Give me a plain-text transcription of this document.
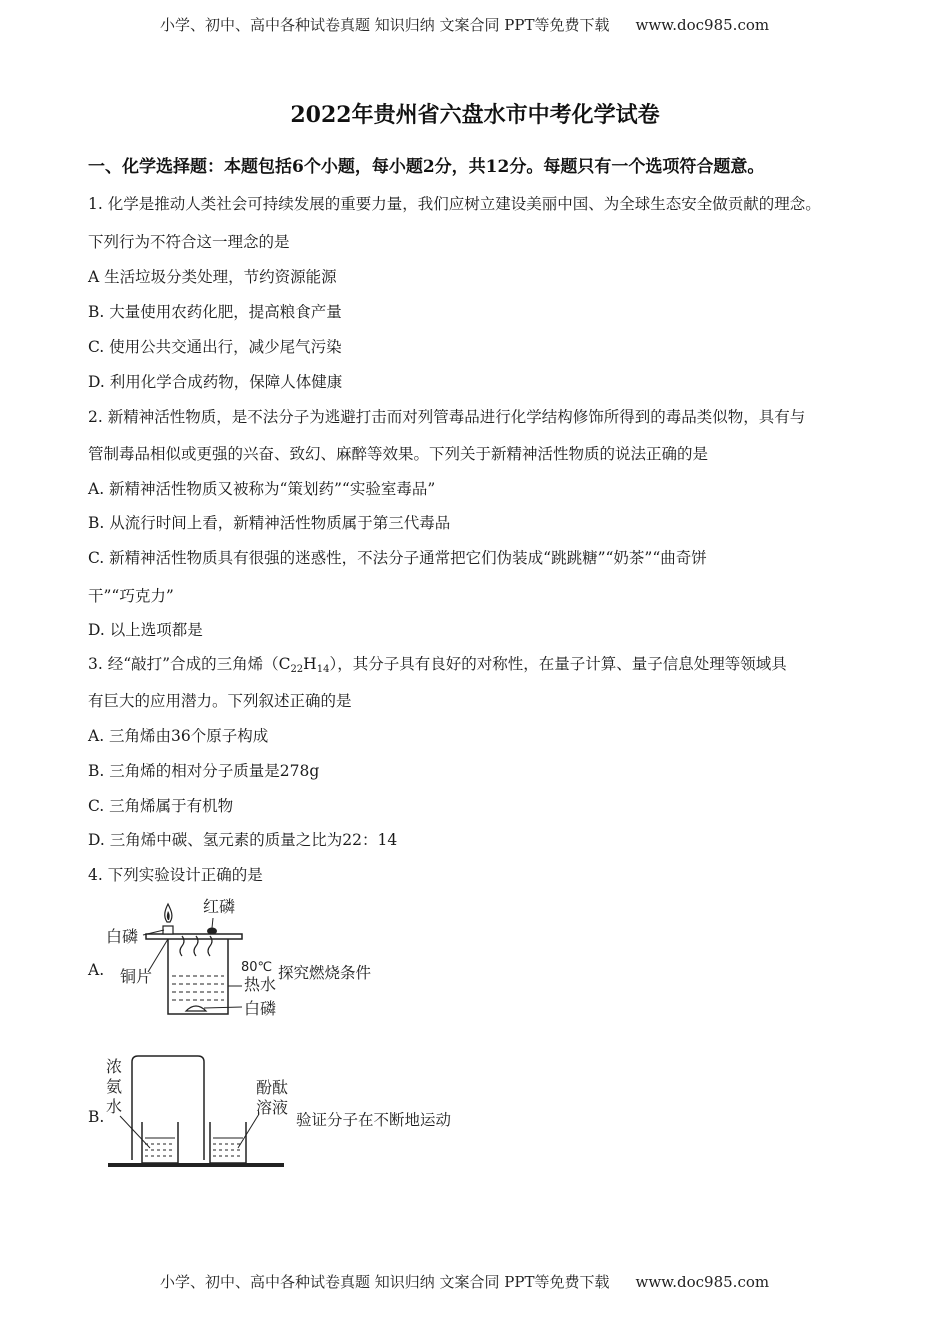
小学、初中、高中各种试卷真题 知识归纳 文案合同 PPT等免费下载 www.doc985.com
2022年贵州省六盘水市中考化学试卷
一、化学选择题：本题包括6个小题，每小题2分，共12分。每题只有一个选项符合题意。
1. 化学是推动人类社会可持续发展的重要力量，我们应树立建设美丽中国、为全球生态安全做贡献的理念。
下列行为不符合这一理念的是
A 生活垃圾分类处理，节约资源能源
B. 大量使用农药化肥，提高粮食产量
C. 使用公共交通出行，减少尾气污染
D. 利用化学合成药物，保障人体健康
2. 新精神活性物质，是不法分子为逃避打击而对列管毒品进行化学结构修饰所得到的毒品类似物，具有与
管制毒品相似或更强的兴奋、致幻、麻醉等效果。下列关于新精神活性物质的说法正确的是
A. 新精神活性物质又被称为“策划药”“实验室毒品”
B. 从流行时间上看，新精神活性物质属于第三代毒品
C. 新精神活性物质具有很强的迷惑性，不法分子通常把它们伪装成“跳跳糖”“奶茶”“曲奇饼
干”“巧克力”
D. 以上选项都是
3. 经“敲打”合成的三角烯$(C_{22}H_{14})$，其分子具有良好的对称性，在量子计算、量子信息处理等领域具
有巨大的应用潜力。下列叙述正确的是
A. 三角烯由36个原子构成
B. 三角烯的相对分子质量是278g
C. 三角烯属于有机物
D. 三角烯中碳、氢元素的质量之比为22：14
4. 下列实验设计正确的是
A.
红磷
白磷
铜片	80℃
热水
白磷
探究燃烧条件
B.
浓
氨
水
酚酞
溶液
验证分子在不断地运动
小学、初中、高中各种试卷真题 知识归纳 文案合同 PPT等免费下载 www.doc985.com
